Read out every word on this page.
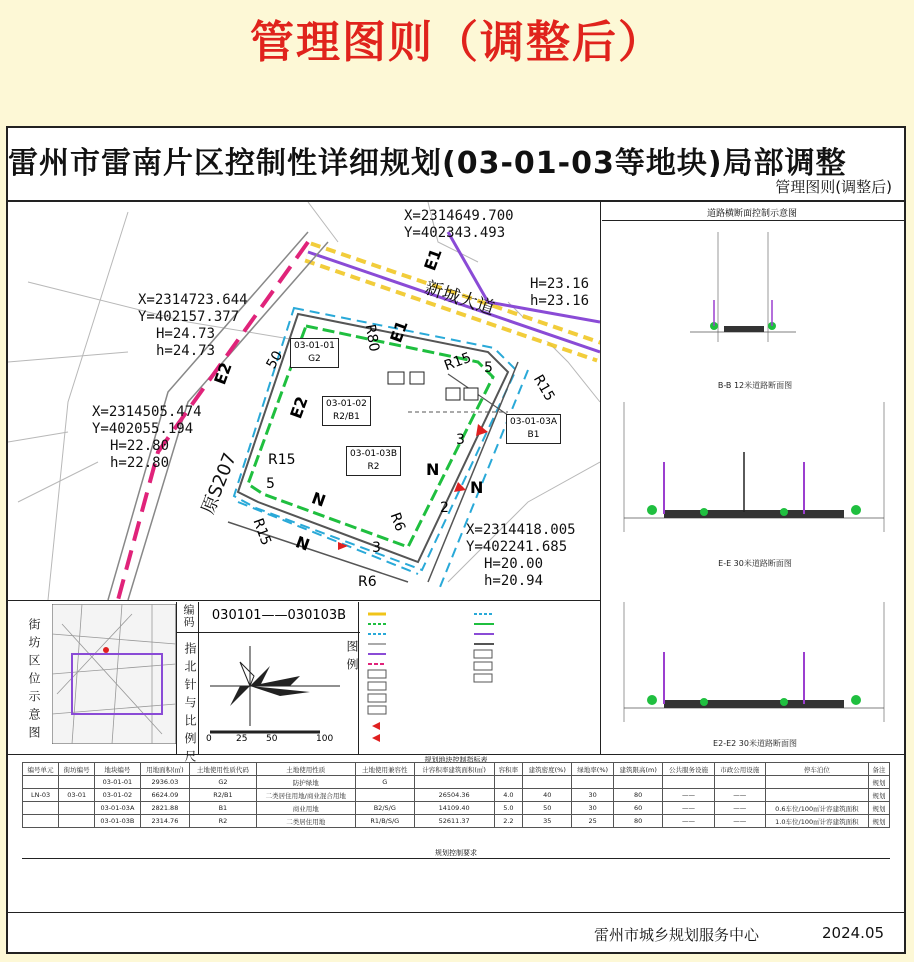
管理图则（调整后）
雷州市雷南片区控制性详细规划(03-01-03等地块)局部调整
管理图则(调整后)
X=2314649.700
Y=402343.493
X=2314723.644
Y=402157.377
H=24.73
h=24.73
X=2314505.474
Y=402055.194
H=22.80
h=22.80
X=2314418.005
Y=402241.685
H=20.00
h=20.94
H=23.16
h=23.16
新城大道
原S207
03-01-01
G2
03-01-02
R2/B1
03-01-03B
R2
03-01-03A
B1
R80
R15
R15
R15
R6
R6
R15
E1
E1
E2
E2
N
N
N
N
50	5
5
3
2
3
街坊区位示意图
编码	030101——030103B
指北针与比例尺 0	25 50	100
图例
道路横断面控制示意图
B-B 12米道路断面图
E-E 30米道路断面图
E2-E2 30米道路断面图
规划地块控制指标表
编号单元	街坊编号	地块编号	用地面积(㎡)	土地使用性质代码	土地使用性质	土地使用兼容性	计容积率建筑面积(㎡)	容积率	建筑密度(%)	绿地率(%)	建筑限高(m)	公共服务设施	市政公用设施	停车泊位	备注
		03-01-01	2936.03	G2	防护绿地	G									规划
LN-03	03-01	03-01-02	6624.09	R2/B1	二类居住用地/商业混合用地		26504.36	4.0	40	30	80	——	——		规划
		03-01-03A	2821.88	B1	商业用地	B2/S/G	14109.40	5.0	50	30	60	——	——	0.6车位/100㎡计容建筑面积	规划
		03-01-03B	2314.76	R2	二类居住用地	R1/B/S/G	52611.37	2.2	35	25	80	——	——	1.0车位/100㎡计容建筑面积	规划
规划控制要求
雷州市城乡规划服务中心	2024.05
